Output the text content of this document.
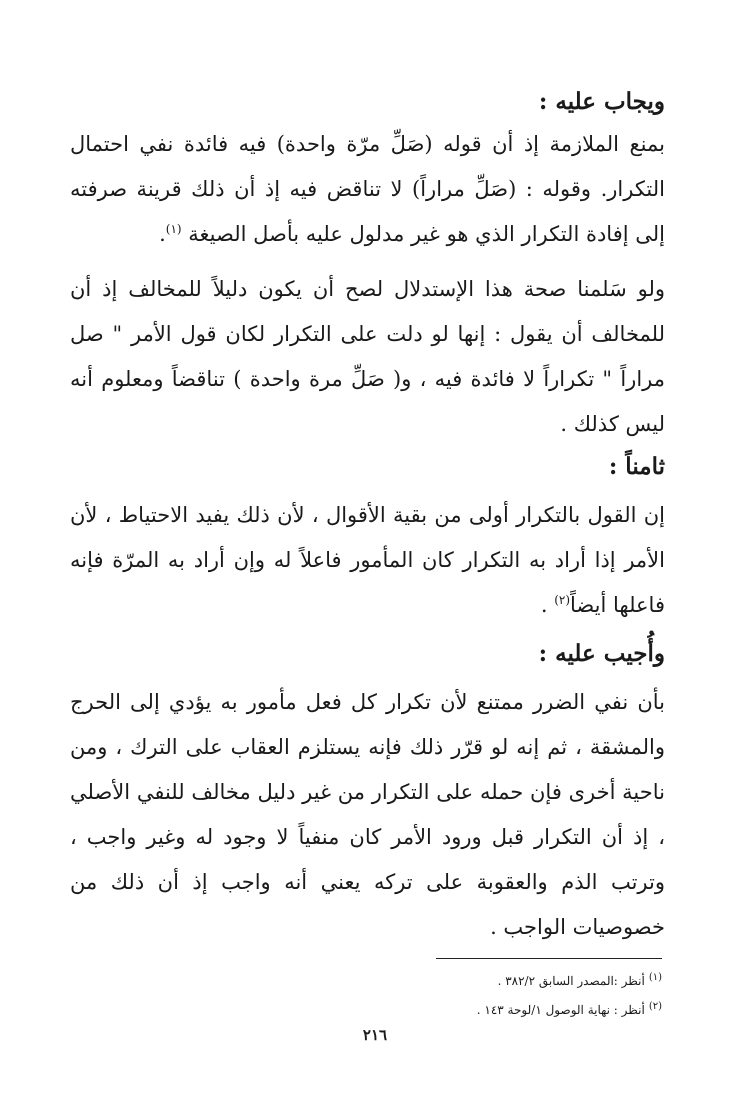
ويجاب عليه :

بمنع الملازمة إذ أن قوله (صَلِّ مرّة واحدة) فيه فائدة نفي احتمال التكرار. وقوله : (صَلِّ مراراً) لا تناقض فيه إذ أن ذلك قرينة صرفته إلى إفادة التكرار الذي هو غير مدلول عليه بأصل الصيغة $^{(١)}$.

ولو سَلمنا صحة هذا الإستدلال لصح أن يكون دليلاً للمخالف إذ أن للمخالف أن يقول : إنها لو دلت على التكرار لكان قول الأمر " صل مراراً " تكراراً لا فائدة فيه ، و( صَلِّ مرة واحدة ) تناقضاً ومعلوم أنه ليس كذلك .

ثامناً :

إن القول بالتكرار أولى من بقية الأقوال ، لأن ذلك يفيد الاحتياط ، لأن الأمر إذا أراد به التكرار كان المأمور فاعلاً له وإن أراد به المرّة فإنه فاعلها أيضاً$^{(٢)}$ .

وأُجيب عليه :

بأن نفي الضرر ممتنع لأن تكرار كل فعل مأمور به يؤدي إلى الحرج والمشقة ، ثم إنه لو قرّر ذلك فإنه يستلزم العقاب على الترك ، ومن ناحية أخرى فإن حمله على التكرار من غير دليل مخالف للنفي الأصلي ، إذ أن التكرار قبل ورود الأمر كان منفياً لا وجود له وغير واجب ، وترتب الذم والعقوبة على تركه يعني أنه واجب إذ أن ذلك من خصوصيات الواجب .

$^{(١)}$أنظر :المصدر السابق ٣٨٢/٢ .

$^{(٢)}$أنظر : نهاية الوصول ١/لوحة ١٤٣ .

٢١٦
